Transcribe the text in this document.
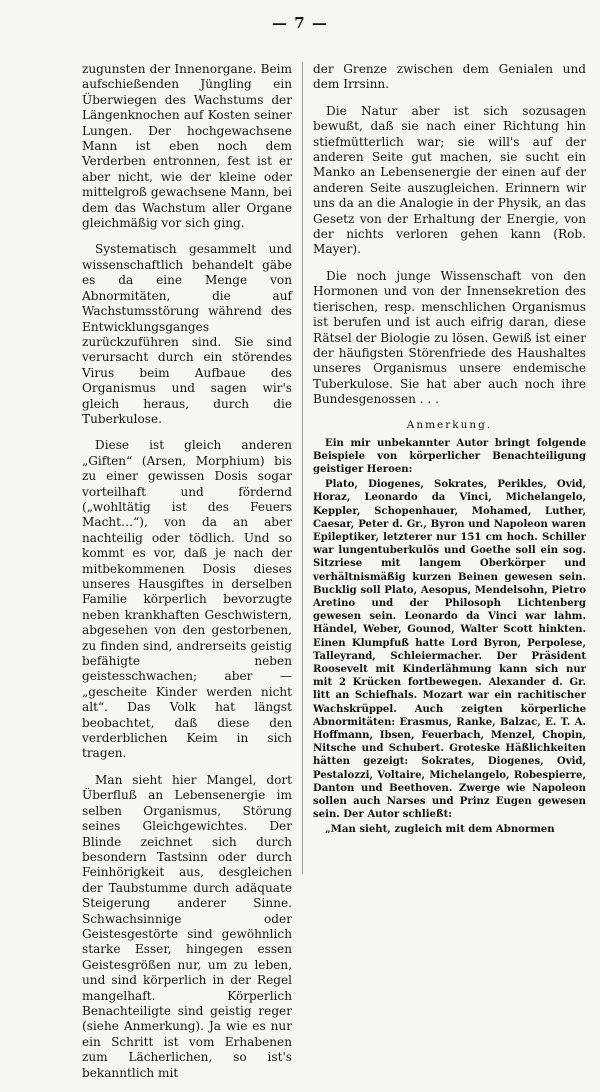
— 7 —

zugunsten der Innenorgane. Beim aufschießenden Jüngling ein Überwiegen des Wachstums der Längenknochen auf Kosten seiner Lungen. Der hochgewachsene Mann ist eben noch dem Verderben entronnen, fest ist er aber nicht, wie der kleine oder mittelgroß gewachsene Mann, bei dem das Wachstum aller Organe gleichmäßig vor sich ging.

Systematisch gesammelt und wissenschaftlich behandelt gäbe es da eine Menge von Abnormitäten, die auf Wachstumsstörung während des Entwicklungsganges zurückzuführen sind. Sie sind verursacht durch ein störendes Virus beim Aufbaue des Organismus und sagen wir's gleich heraus, durch die Tuberkulose.

Diese ist gleich anderen „Giften“ (Arsen, Morphium) bis zu einer gewissen Dosis sogar vorteilhaft und fördernd („wohltätig ist des Feuers Macht…“), von da an aber nachteilig oder tödlich. Und so kommt es vor, daß je nach der mitbekommenen Dosis dieses unseres Hausgiftes in derselben Familie körperlich bevorzugte neben krankhaften Geschwistern, abgesehen von den gestorbenen, zu finden sind, andrerseits geistig befähigte neben geistesschwachen; aber — „gescheite Kinder werden nicht alt“. Das Volk hat längst beobachtet, daß diese den verderblichen Keim in sich tragen.

Man sieht hier Mangel, dort Überfluß an Lebensenergie im selben Organismus, Störung seines Gleichgewichtes. Der Blinde zeichnet sich durch besondern Tastsinn oder durch Feinhörigkeit aus, desgleichen der Taubstumme durch adäquate Steigerung anderer Sinne. Schwachsinnige oder Geistesgestörte sind gewöhnlich starke Esser, hingegen essen Geistesgrößen nur, um zu leben, und sind körperlich in der Regel mangelhaft. Körperlich Benachteiligte sind geistig reger (siehe Anmerkung). Ja wie es nur ein Schritt ist vom Erhabenen zum Lächerlichen, so ist's bekanntlich mit

der Grenze zwischen dem Genialen und dem Irrsinn.

Die Natur aber ist sich sozusagen bewußt, daß sie nach einer Richtung hin stiefmütterlich war; sie will's auf der anderen Seite gut machen, sie sucht ein Manko an Lebensenergie der einen auf der anderen Seite auszugleichen. Erinnern wir uns da an die Analogie in der Physik, an das Gesetz von der Erhaltung der Energie, von der nichts verloren gehen kann (Rob. Mayer).

Die noch junge Wissenschaft von den Hormonen und von der Innensekretion des tierischen, resp. menschlichen Organismus ist berufen und ist auch eifrig daran, diese Rätsel der Biologie zu lösen. Gewiß ist einer der häufigsten Störenfriede des Haushaltes unseres Organismus unsere endemische Tuberkulose. Sie hat aber auch noch ihre Bundesgenossen . . .

Anmerkung.

Ein mir unbekannter Autor bringt folgende Beispiele von körperlicher Benachteiligung geistiger Heroen:

Plato, Diogenes, Sokrates, Perikles, Ovid, Horaz, Leonardo da Vinci, Michelangelo, Keppler, Schopenhauer, Mohamed, Luther, Caesar, Peter d. Gr., Byron und Napoleon waren Epileptiker, letzterer nur 151 cm hoch. Schiller war lungentuberkulös und Goethe soll ein sog. Sitzriese mit langem Oberkörper und verhältnismäßig kurzen Beinen gewesen sein. Bucklig soll Plato, Aesopus, Mendelsohn, Pietro Aretino und der Philosoph Lichtenberg gewesen sein. Leonardo da Vinci war lahm. Händel, Weber, Gounod, Walter Scott hinkten. Einen Klumpfuß hatte Lord Byron, Perpolese, Talleyrand, Schleiermacher. Der Präsident Roosevelt mit Kinderlähmung kann sich nur mit 2 Krücken fortbewegen. Alexander d. Gr. litt an Schiefhals. Mozart war ein rachitischer Wachskrüppel. Auch zeigten körperliche Abnormitäten: Erasmus, Ranke, Balzac, E. T. A. Hoffmann, Ibsen, Feuerbach, Menzel, Chopin, Nitsche und Schubert. Groteske Häßlichkeiten hätten gezeigt: Sokrates, Diogenes, Ovid, Pestalozzi, Voltaire, Michelangelo, Robespierre, Danton und Beethoven. Zwerge wie Napoleon sollen auch Narses und Prinz Eugen gewesen sein. Der Autor schließt:

„Man sieht, zugleich mit dem Abnormen
